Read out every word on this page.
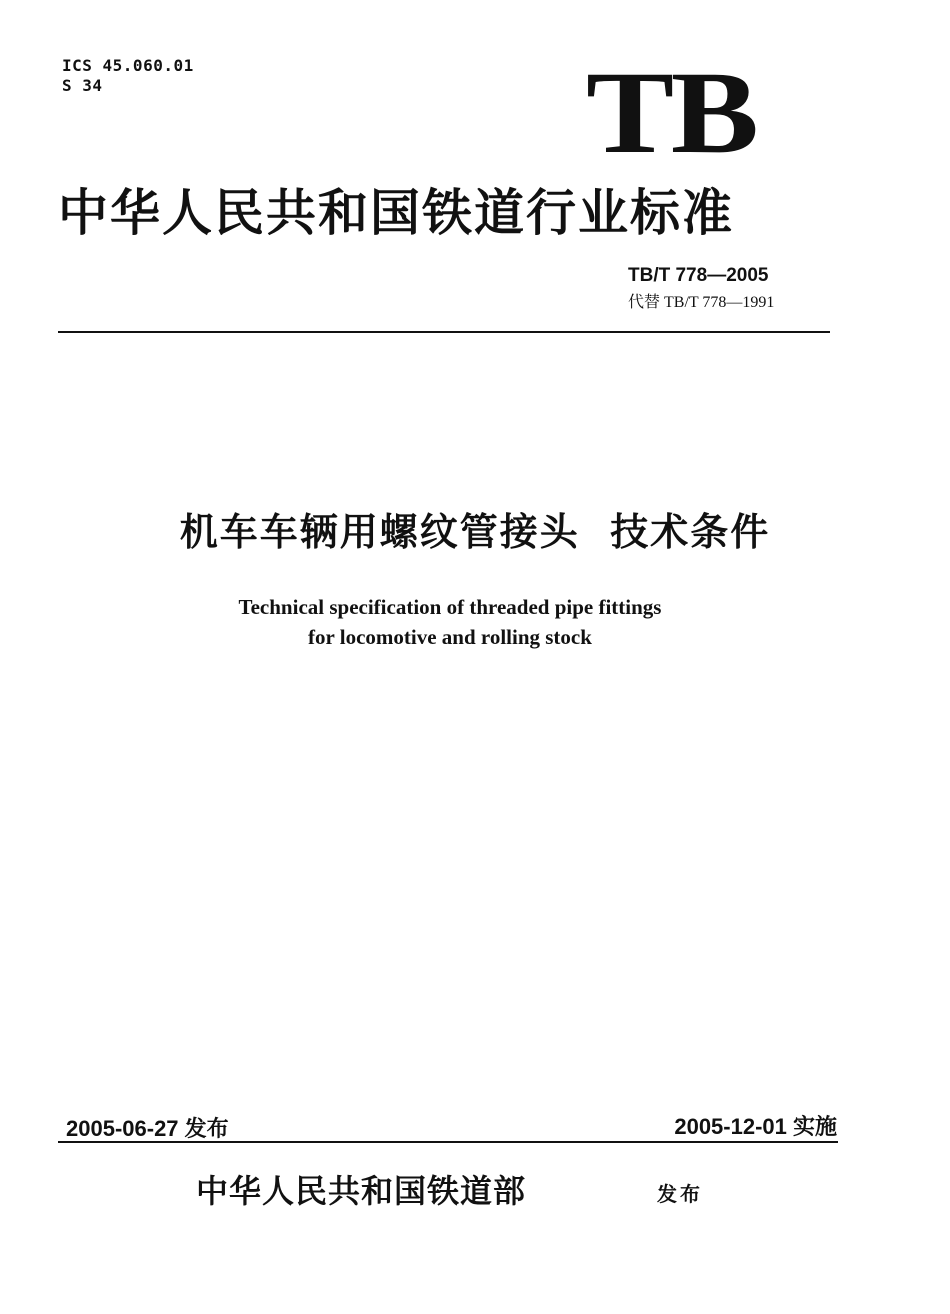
ICS 45.060.01
S 34	TB
中华人民共和国铁道行业标准
TB/T 778—2005
代替 TB/T 778—1991
机车车辆用螺纹管接头  技术条件
Technical specification of threaded pipe fittings
for locomotive and rolling stock
2005-06-27 发布	2005-12-01 实施
中华人民共和国铁道部	发布
